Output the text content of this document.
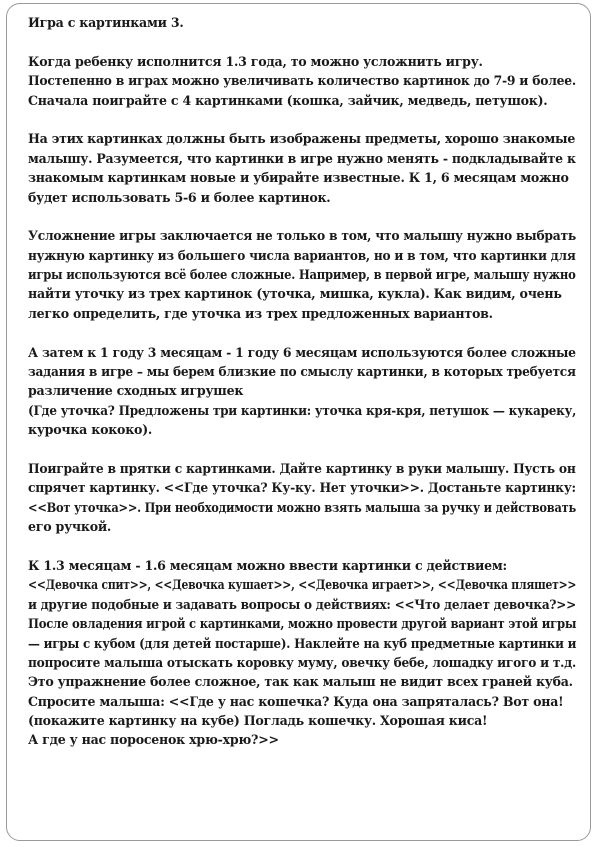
Игра с картинками 3.
Когда ребенку исполнится 1.3 года, то можно усложнить игру.
Постепенно в играх можно увеличивать количество картинок до 7-9 и более.
Сначала поиграйте с 4 картинками (кошка, зайчик, медведь, петушок).
На этих картинках должны быть изображены предметы, хорошо знакомые
малышу. Разумеется, что картинки в игре нужно менять - подкладывайте к
знакомым картинкам новые и убирайте известные. К 1, 6 месяцам можно
будет использовать 5-6 и более картинок.
Усложнение игры заключается не только в том, что малышу нужно выбрать
нужную картинку из большего числа вариантов, но и в том, что картинки для
игры используются всё более сложные. Например, в первой игре, малышу нужно
найти уточку из трех картинок (уточка, мишка, кукла). Как видим, очень
легко определить, где уточка из трех предложенных вариантов.
А затем к 1 году 3 месяцам - 1 году 6 месяцам используются более сложные
задания в игре – мы берем близкие по смыслу картинки, в которых требуется
различение сходных игрушек
(Где уточка? Предложены три картинки: уточка кря-кря, петушок — кукареку,
курочка кококо).
Поиграйте в прятки с картинками. Дайте картинку в руки малышу. Пусть он
спрячет картинку. <<Где уточка? Ку-ку. Нет уточки>>. Достаньте картинку:
<<Вот уточка>>. При необходимости можно взять малыша за ручку и действовать
его ручкой.
К 1.3 месяцам - 1.6 месяцам можно ввести картинки с действием:
<<Девочка спит>>, <<Девочка кушает>>, <<Девочка играет>>, <<Девочка пляшет>>
и другие подобные и задавать вопросы о действиях: <<Что делает девочка?>>
После овладения игрой с картинками, можно провести другой вариант этой игры
— игры с кубом (для детей постарше). Наклейте на куб предметные картинки и
попросите малыша отыскать коровку муму, овечку бебе, лошадку игого и т.д.
Это упражнение более сложное, так как малыш не видит всех граней куба.
Спросите малыша: <<Где у нас кошечка? Куда она запряталась? Вот она!
(покажите картинку на кубе) Погладь кошечку. Хорошая киса!
А где у нас поросенок хрю-хрю?>>
